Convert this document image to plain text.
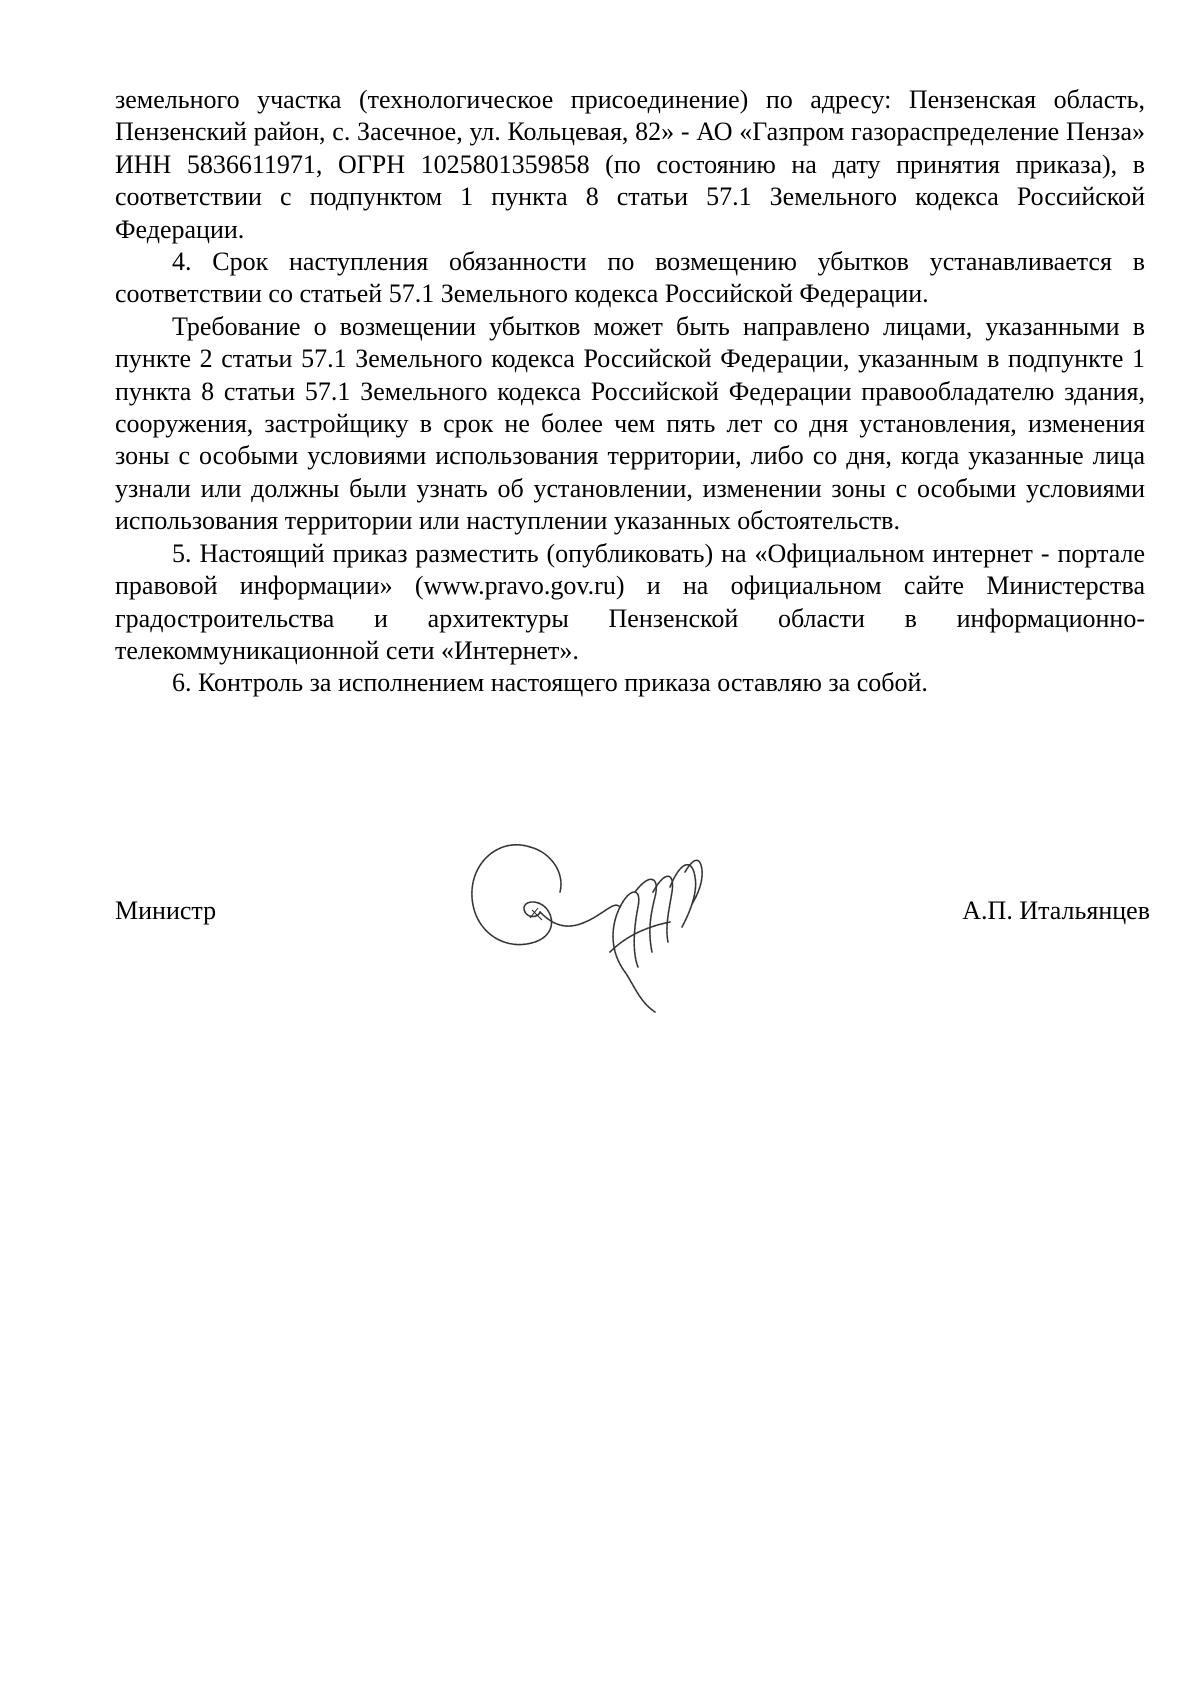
земельного участка (технологическое присоединение) по адресу: Пензенская область, Пензенский район, с. Засечное, ул. Кольцевая, 82» - АО «Газпром газораспределение Пенза» ИНН 5836611971, ОГРН 1025801359858 (по состоянию на дату принятия приказа), в соответствии с подпунктом 1 пункта 8 статьи 57.1 Земельного кодекса Российской Федерации.

4. Срок наступления обязанности по возмещению убытков устанавливается в соответствии со статьей 57.1 Земельного кодекса Российской Федерации.

Требование о возмещении убытков может быть направлено лицами, указанными в пункте 2 статьи 57.1 Земельного кодекса Российской Федерации, указанным в подпункте 1 пункта 8 статьи 57.1 Земельного кодекса Российской Федерации правообладателю здания, сооружения, застройщику в срок не более чем пять лет со дня установления, изменения зоны с особыми условиями использования территории, либо со дня, когда указанные лица узнали или должны были узнать об установлении, изменении зоны с особыми условиями использования территории или наступлении указанных обстоятельств.

5. Настоящий приказ разместить (опубликовать) на «Официальном интернет - портале правовой информации» (www.pravo.gov.ru) и на официальном сайте Министерства градостроительства и архитектуры Пензенской области в информационно-телекоммуникационной сети «Интернет».

6. Контроль за исполнением настоящего приказа оставляю за собой.

Министр	А.П. Итальянцев
